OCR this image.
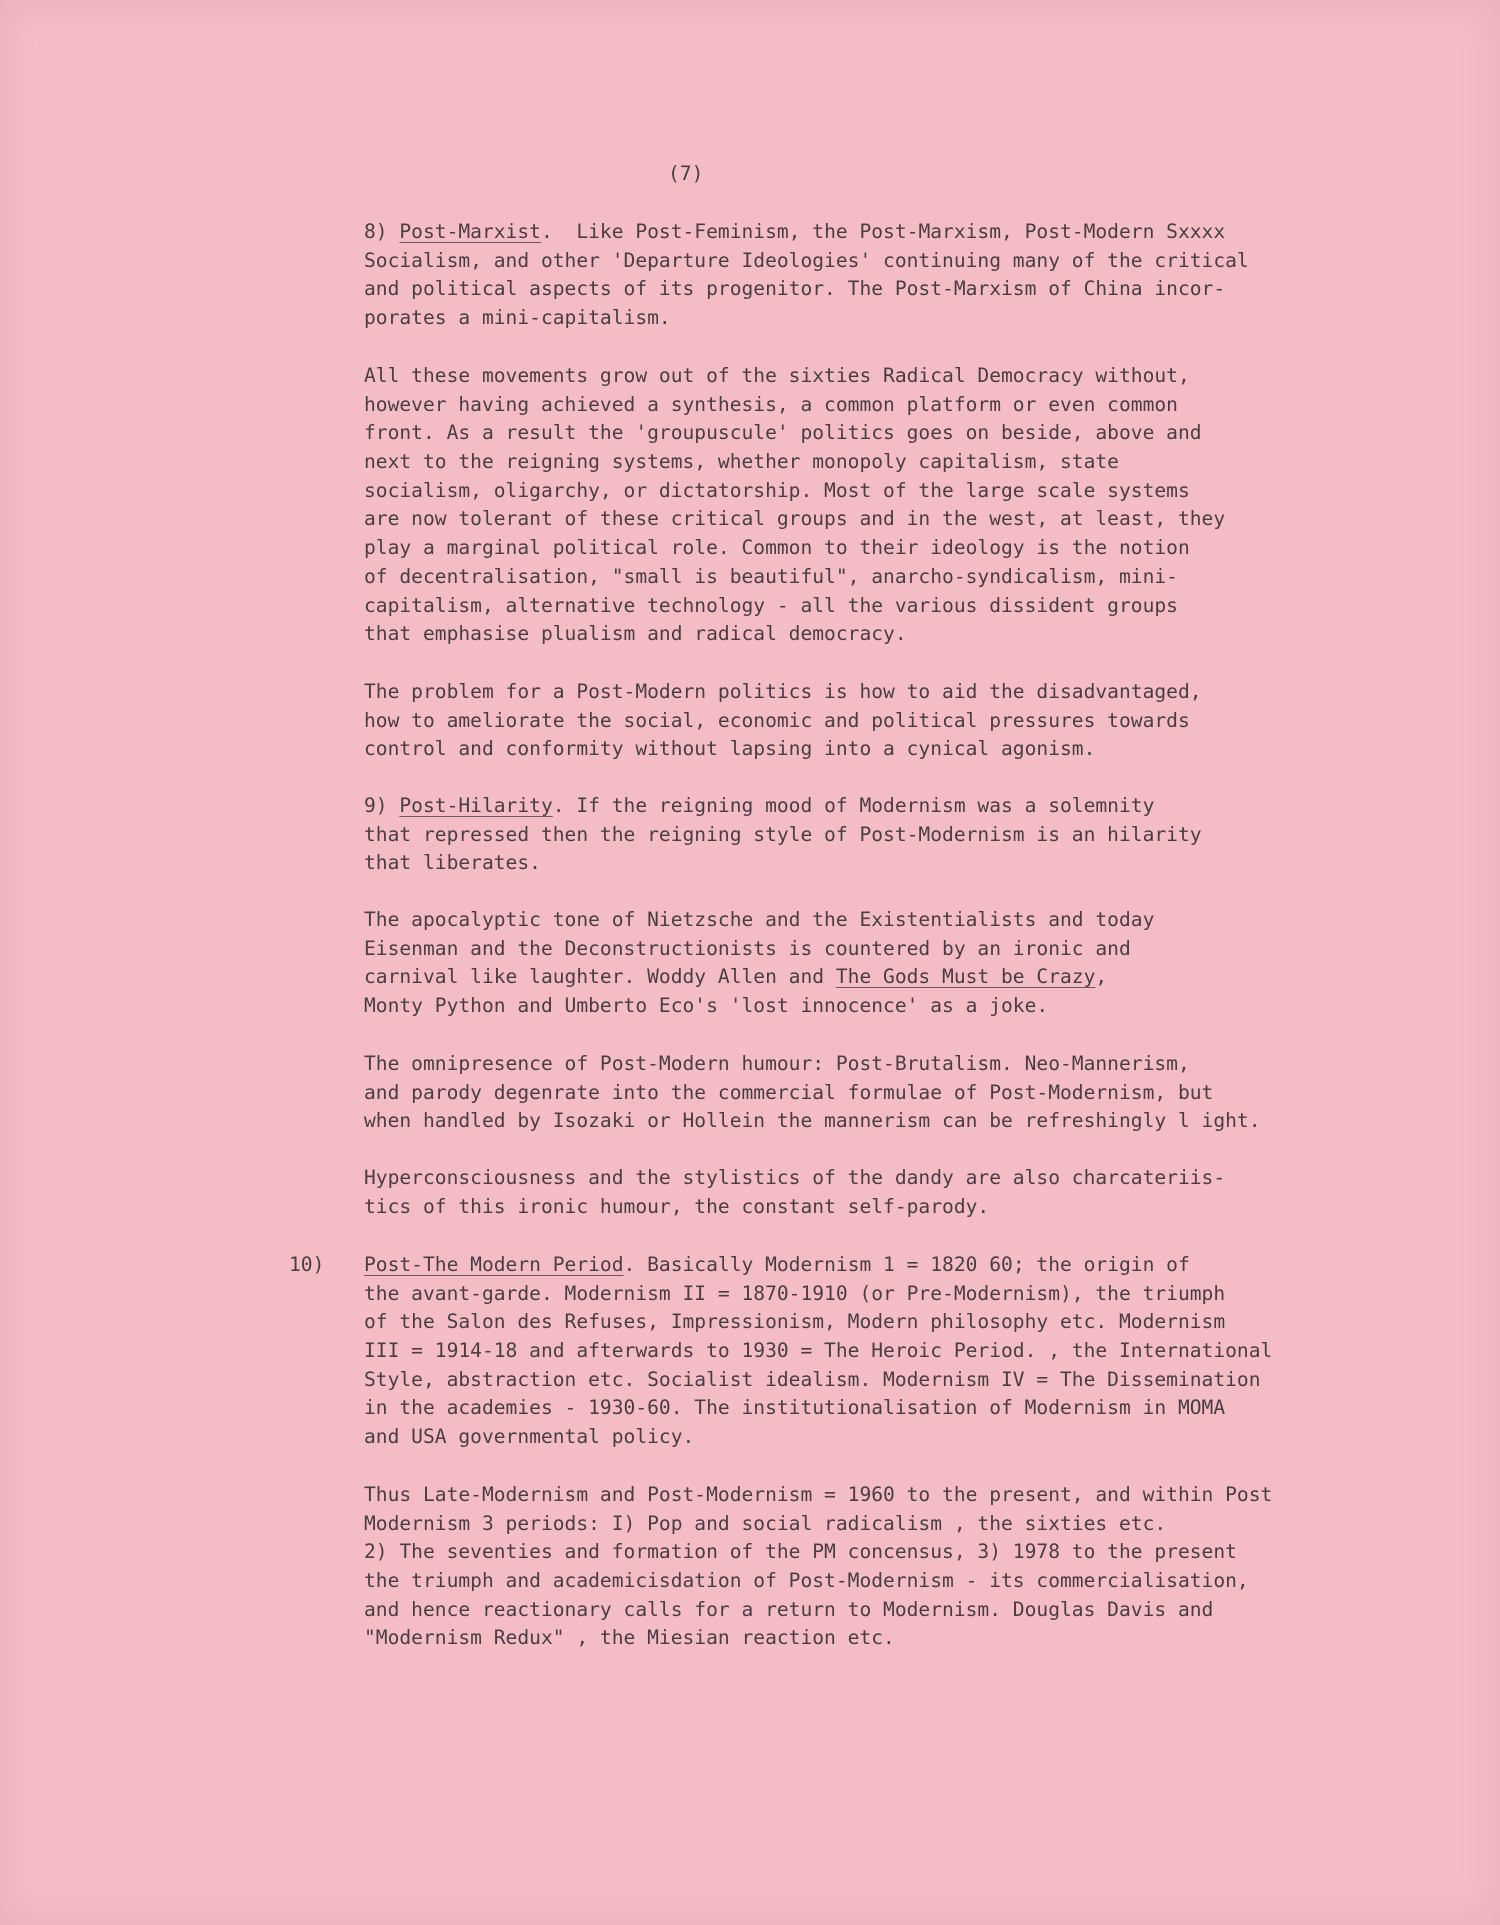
(7)
8) Post-Marxist.  Like Post-Feminism, the Post-Marxism, Post-Modern Sxxxx
Socialism, and other 'Departure Ideologies' continuing many of the critical
and political aspects of its progenitor. The Post-Marxism of China incor-
porates a mini-capitalism.
All these movements grow out of the sixties Radical Democracy without,
however having achieved a synthesis, a common platform or even common
front. As a result the 'groupuscule' politics goes on beside, above and
next to the reigning systems, whether monopoly capitalism, state
socialism, oligarchy, or dictatorship. Most of the large scale systems
are now tolerant of these critical groups and in the west, at least, they
play a marginal political role. Common to their ideology is the notion
of decentralisation, "small is beautiful", anarcho-syndicalism, mini-
capitalism, alternative technology - all the various dissident groups
that emphasise plualism and radical democracy.
The problem for a Post-Modern politics is how to aid the disadvantaged,
how to ameliorate the social, economic and political pressures towards
control and conformity without lapsing into a cynical agonism.
9) Post-Hilarity. If the reigning mood of Modernism was a solemnity
that repressed then the reigning style of Post-Modernism is an hilarity
that liberates.
The apocalyptic tone of Nietzsche and the Existentialists and today
Eisenman and the Deconstructionists is countered by an ironic and
carnival like laughter. Woddy Allen and The Gods Must be Crazy,
Monty Python and Umberto Eco's 'lost innocence' as a joke.
The omnipresence of Post-Modern humour: Post-Brutalism. Neo-Mannerism,
and parody degenrate into the commercial formulae of Post-Modernism, but
when handled by Isozaki or Hollein the mannerism can be refreshingly l ight.
Hyperconsciousness and the stylistics of the dandy are also charcateriis-
tics of this ironic humour, the constant self-parody.
10) Post-The Modern Period. Basically Modernism 1 = 1820 60; the origin of
the avant-garde. Modernism II = 1870-1910 (or Pre-Modernism), the triumph
of the Salon des Refuses, Impressionism, Modern philosophy etc. Modernism
III = 1914-18 and afterwards to 1930 = The Heroic Period. , the International
Style, abstraction etc. Socialist idealism. Modernism IV = The Dissemination
in the academies - 1930-60. The institutionalisation of Modernism in MOMA
and USA governmental policy.
Thus Late-Modernism and Post-Modernism = 1960 to the present, and within Post
Modernism 3 periods: I) Pop and social radicalism , the sixties etc.
2) The seventies and formation of the PM concensus, 3) 1978 to the present
the triumph and academicisdation of Post-Modernism - its commercialisation,
and hence reactionary calls for a return to Modernism. Douglas Davis and
"Modernism Redux" , the Miesian reaction etc.
